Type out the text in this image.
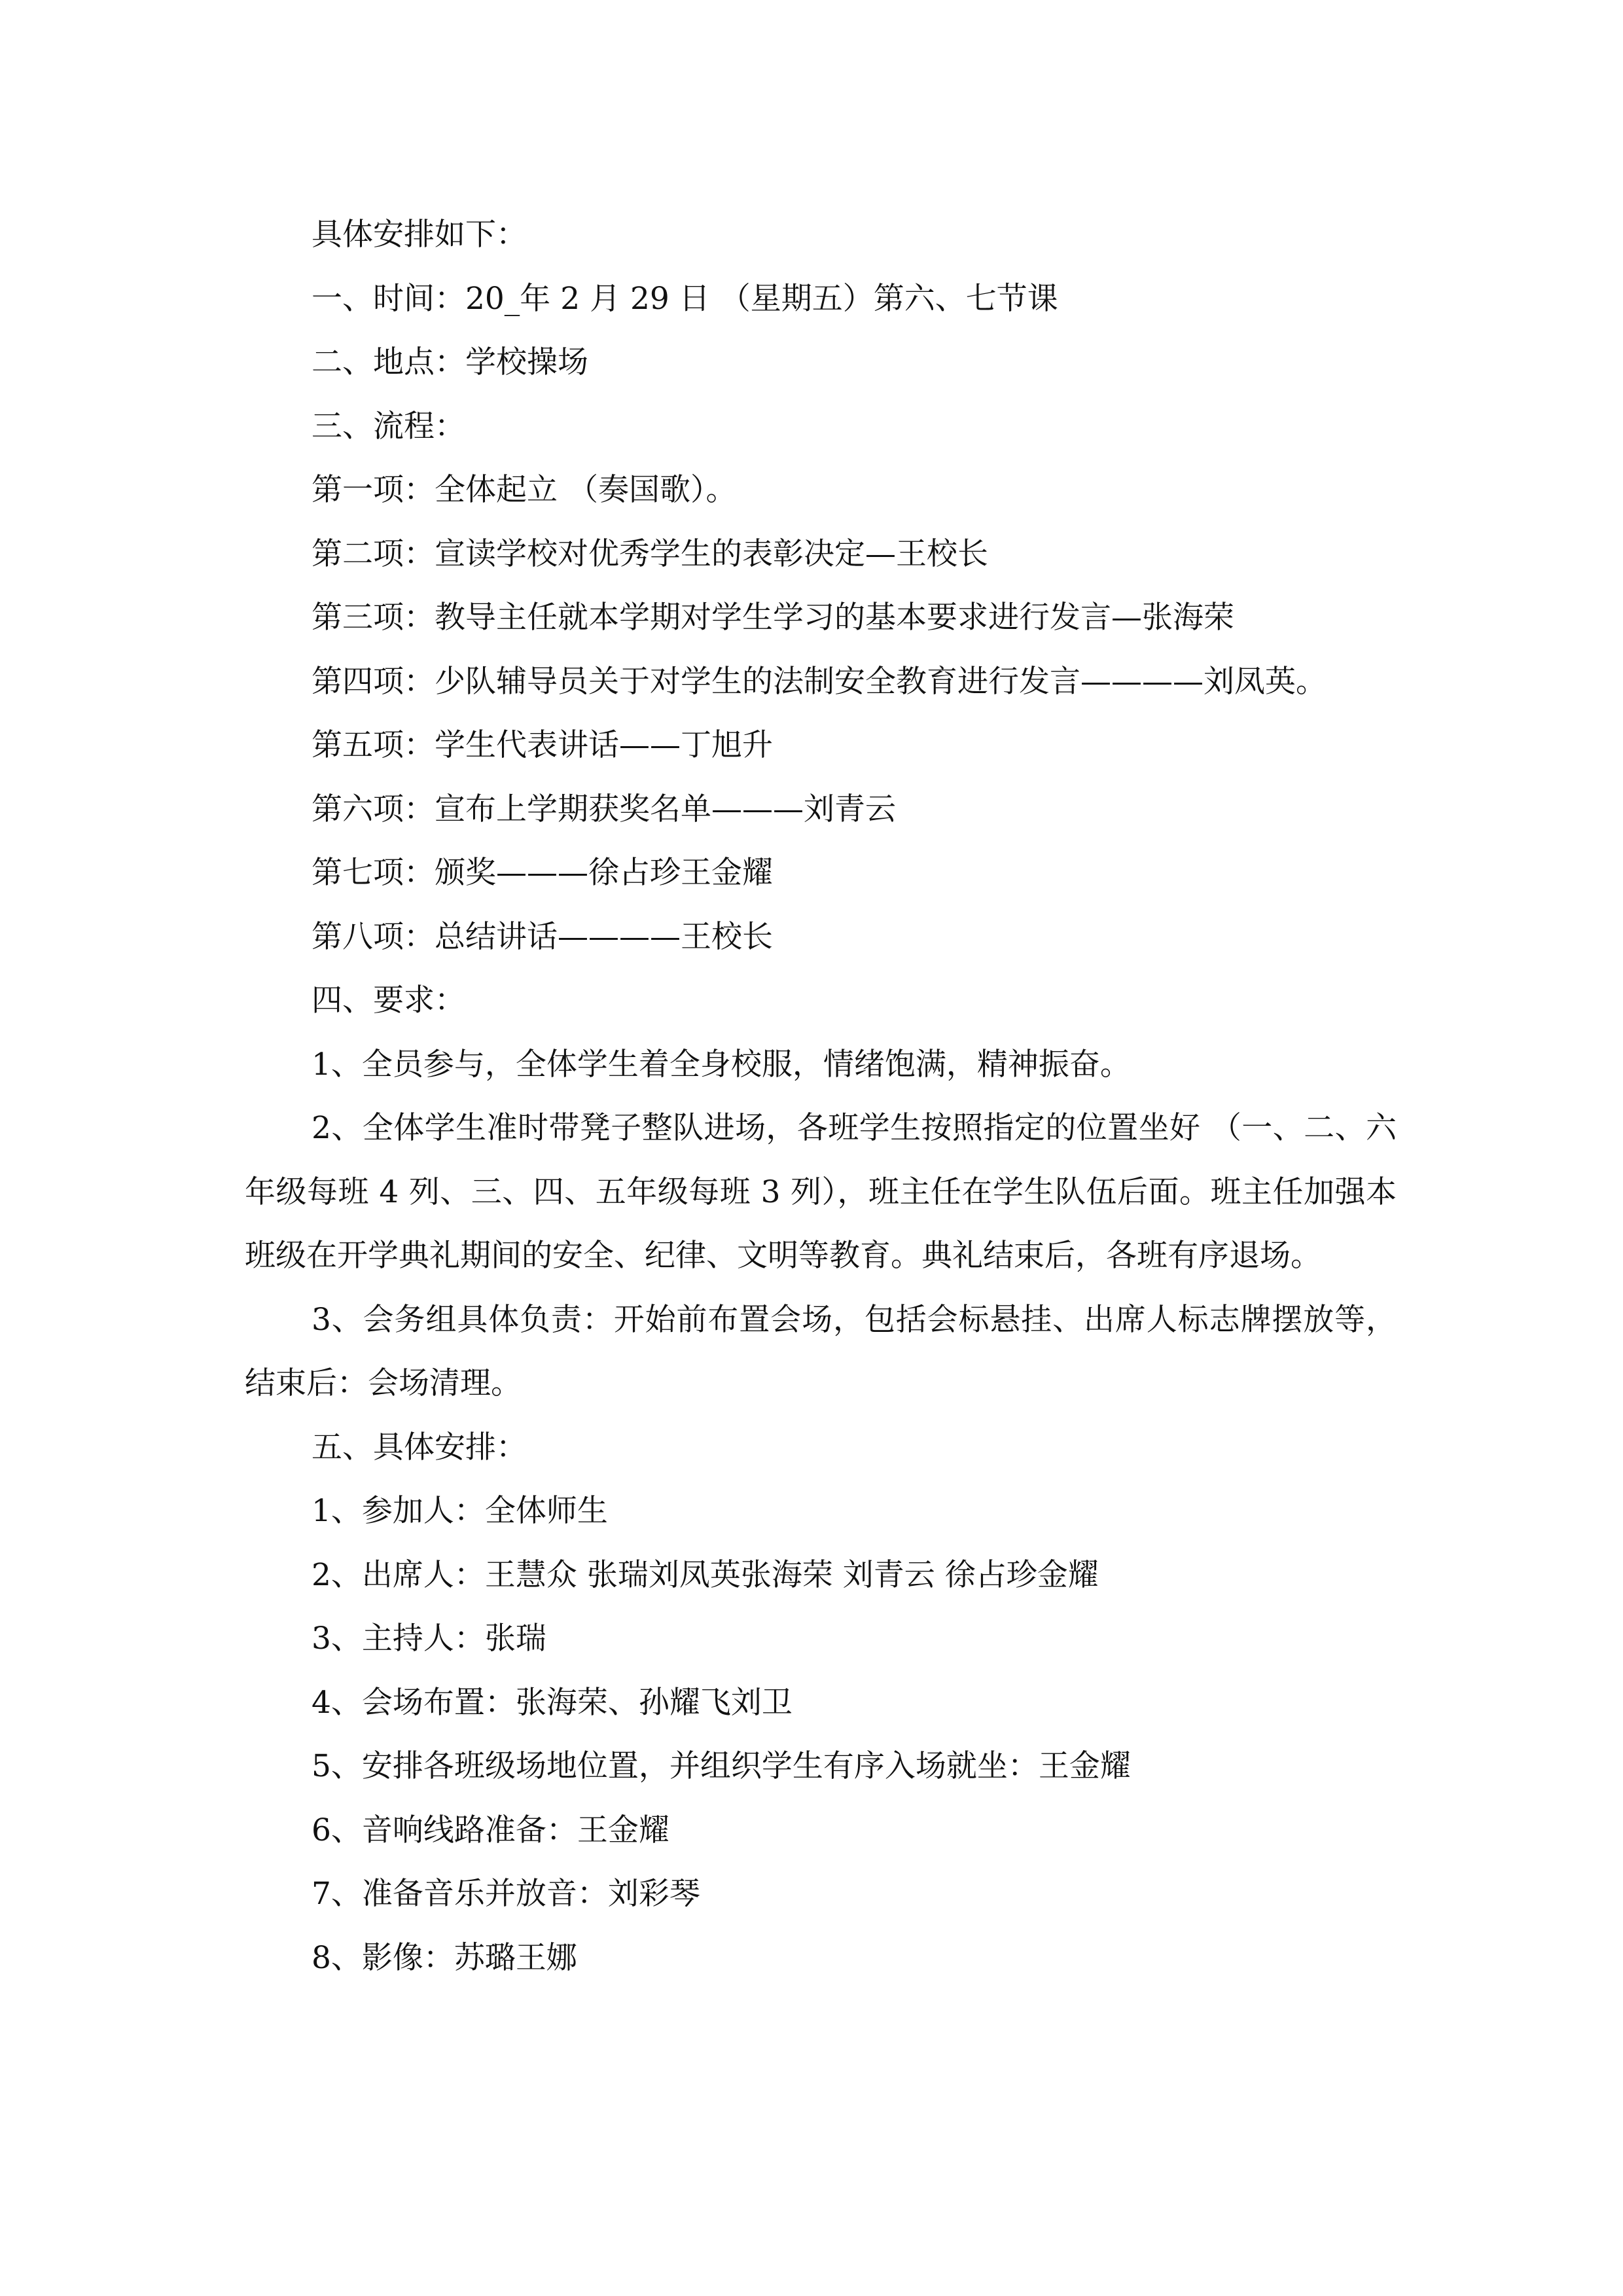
具体安排如下：
一、时间：20_年 2 月 29 日 （星期五）第六、七节课
二、地点：学校操场
三、流程：
第一项：全体起立 （奏国歌）。
第二项：宣读学校对优秀学生的表彰决定—王校长
第三项：教导主任就本学期对学生学习的基本要求进行发言—张海荣
第四项：少队辅导员关于对学生的法制安全教育进行发言————刘凤英。
第五项：学生代表讲话——丁旭升
第六项：宣布上学期获奖名单———刘青云
第七项：颁奖———徐占珍王金耀
第八项：总结讲话————王校长
四、要求：
1、全员参与，全体学生着全身校服，情绪饱满，精神振奋。
2、全体学生准时带凳子整队进场，各班学生按照指定的位置坐好 （一、二、六年级每班 4 列、三、四、五年级每班 3 列），班主任在学生队伍后面。班主任加强本班级在开学典礼期间的安全、纪律、文明等教育。典礼结束后，各班有序退场。
3、会务组具体负责：开始前布置会场，包括会标悬挂、出席人标志牌摆放等，结束后：会场清理。
五、具体安排：
1、参加人：全体师生
2、出席人：王慧众 张瑞刘凤英张海荣 刘青云 徐占珍金耀
3、主持人：张瑞
4、会场布置：张海荣、孙耀飞刘卫
5、安排各班级场地位置，并组织学生有序入场就坐：王金耀
6、音响线路准备：王金耀
7、准备音乐并放音：刘彩琴
8、影像：苏璐王娜
